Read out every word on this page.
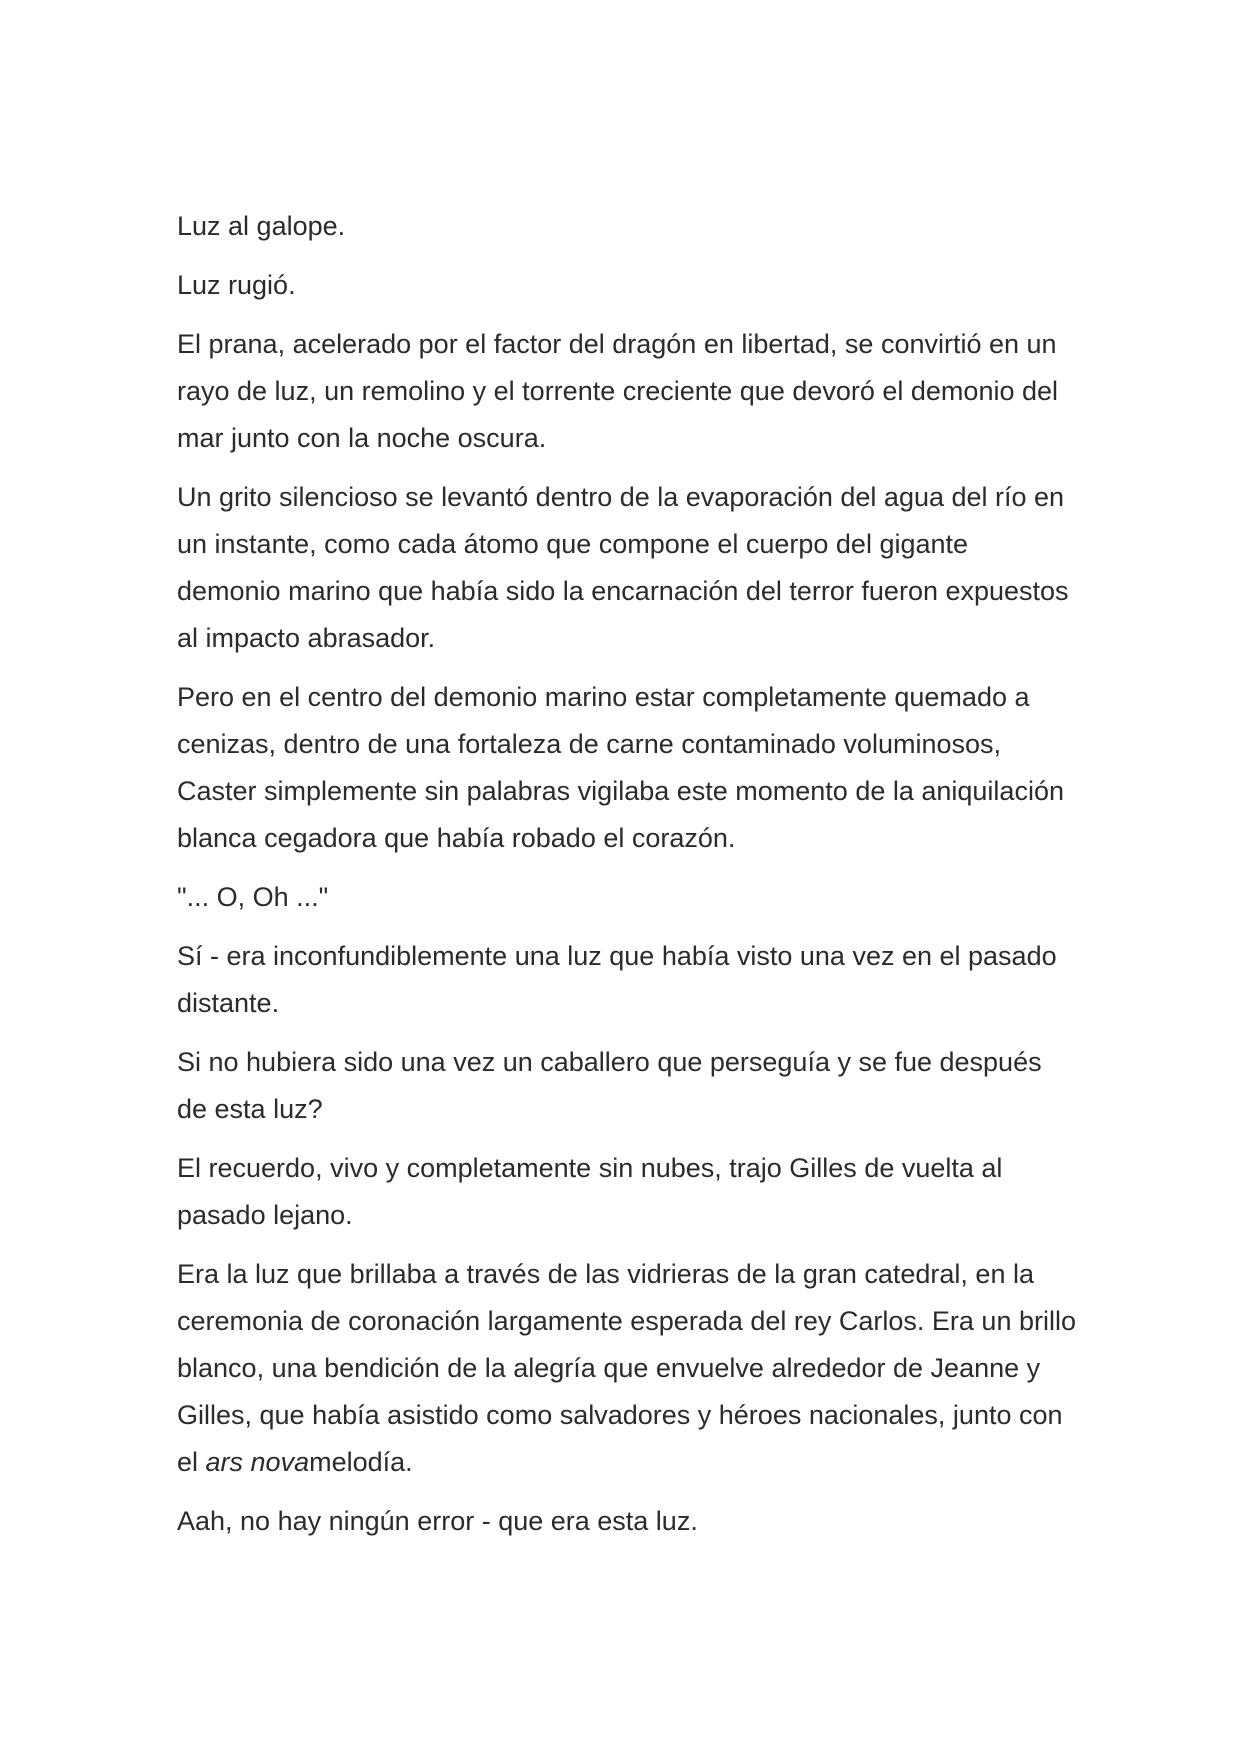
Luz al galope.

Luz rugió.

El prana, acelerado por el factor del dragón en libertad, se convirtió en un rayo de luz, un remolino y el torrente creciente que devoró el demonio del mar junto con la noche oscura.

Un grito silencioso se levantó dentro de la evaporación del agua del río en un instante, como cada átomo que compone el cuerpo del gigante demonio marino que había sido la encarnación del terror fueron expuestos al impacto abrasador.

Pero en el centro del demonio marino estar completamente quemado a cenizas, dentro de una fortaleza de carne contaminado voluminosos, Caster simplemente sin palabras vigilaba este momento de la aniquilación blanca cegadora que había robado el corazón.

"... O, Oh ..."

Sí - era inconfundiblemente una luz que había visto una vez en el pasado distante.

Si no hubiera sido una vez un caballero que perseguía y se fue después de esta luz?

El recuerdo, vivo y completamente sin nubes, trajo Gilles de vuelta al pasado lejano.

Era la luz que brillaba a través de las vidrieras de la gran catedral, en la ceremonia de coronación largamente esperada del rey Carlos. Era un brillo blanco, una bendición de la alegría que envuelve alrededor de Jeanne y Gilles, que había asistido como salvadores y héroes nacionales, junto con el ars novamelodía.

Aah, no hay ningún error - que era esta luz.
